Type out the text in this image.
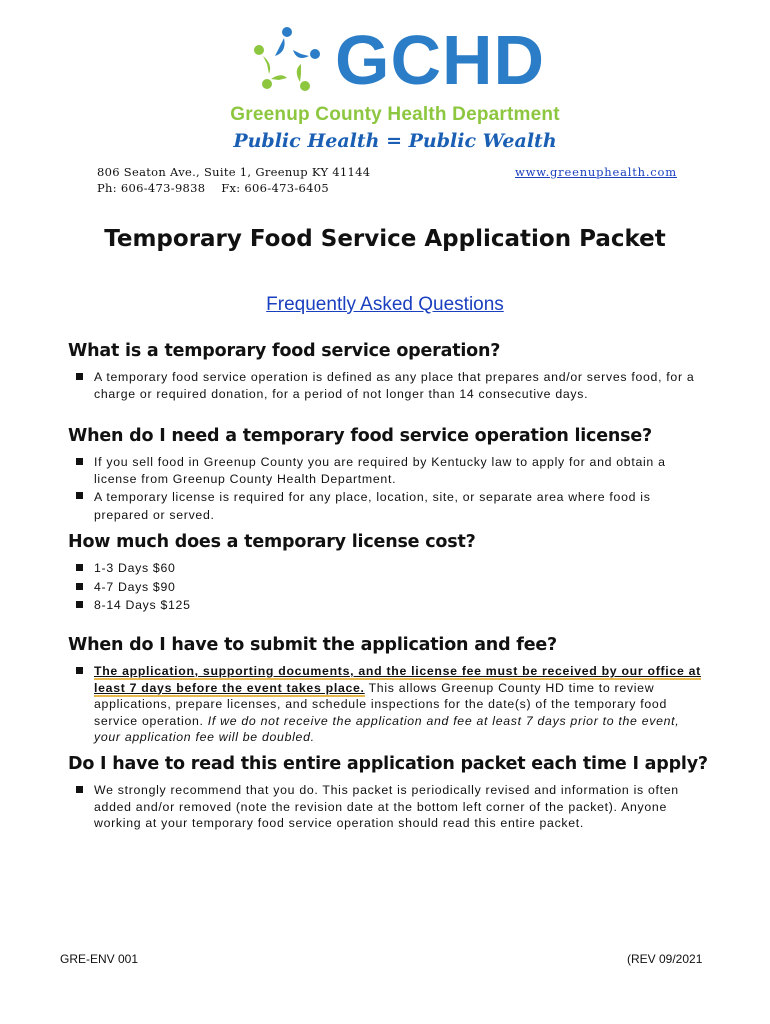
GCHD
Greenup County Health Department
Public Health = Public Wealth
806 Seaton Ave., Suite 1, Greenup KY 41144
Ph: 606-473-9838    Fx: 606-473-6405
www.greenuphealth.com
Temporary Food Service Application Packet
Frequently Asked Questions
What is a temporary food service operation?
A temporary food service operation is defined as any place that prepares and/or serves food, for a charge or required donation, for a period of not longer than 14 consecutive days.
When do I need a temporary food service operation license?
If you sell food in Greenup County you are required by Kentucky law to apply for and obtain a license from Greenup County Health Department.
A temporary license is required for any place, location, site, or separate area where food is prepared or served.
How much does a temporary license cost?
1-3 Days $60
4-7 Days $90
8-14 Days $125
When do I have to submit the application and fee?
The application, supporting documents, and the license fee must be received by our office at least 7 days before the event takes place. This allows Greenup County HD time to review applications, prepare licenses, and schedule inspections for the date(s) of the temporary food service operation. If we do not receive the application and fee at least 7 days prior to the event, your application fee will be doubled.
Do I have to read this entire application packet each time I apply?
We strongly recommend that you do. This packet is periodically revised and information is often added and/or removed (note the revision date at the bottom left corner of the packet). Anyone working at your temporary food service operation should read this entire packet.
GRE-ENV 001	(REV 09/2021
